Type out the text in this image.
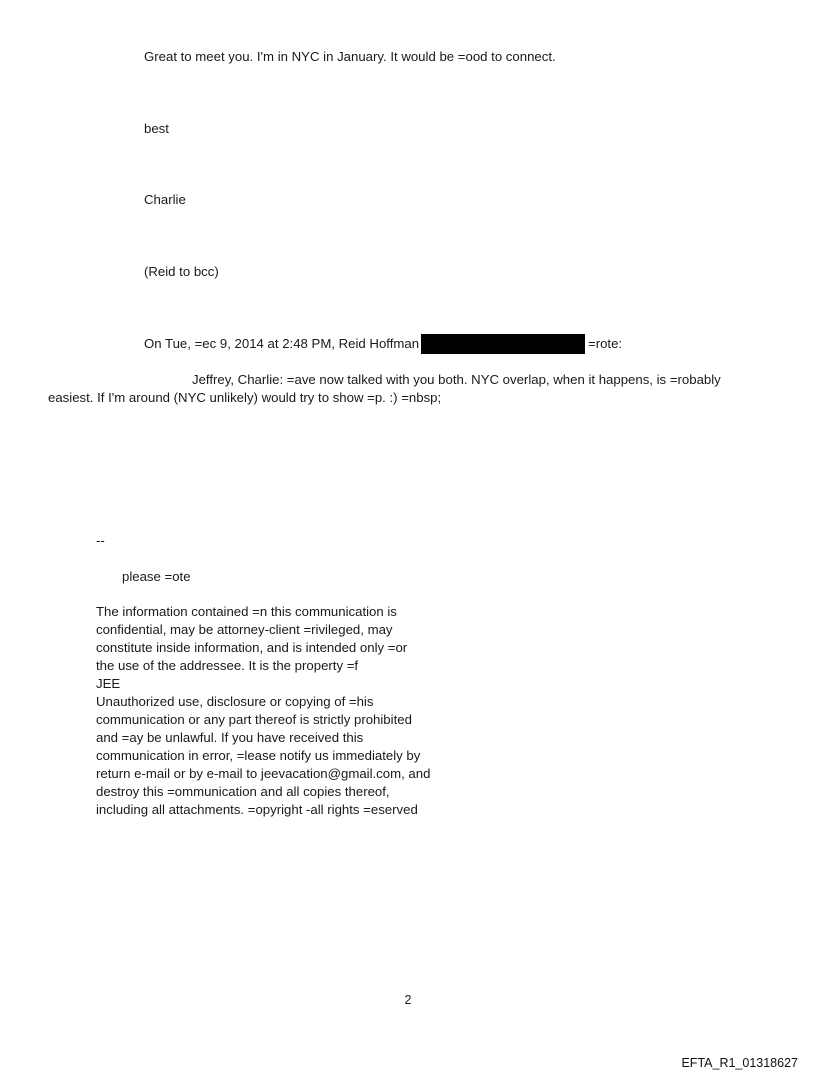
Great to meet you. I'm in NYC in January. It would be =ood to connect.
best
Charlie
(Reid to bcc)
On Tue, =ec 9, 2014 at 2:48 PM, Reid Hoffman	=rote:
Jeffrey, Charlie: =ave now talked with you both. NYC overlap, when it happens, is =robably
easiest. If I'm around (NYC unlikely) would try to show =p. :) =nbsp;
--
please =ote
The information contained =n this communication is
confidential, may be attorney-client =rivileged, may
constitute inside information, and is intended only =or
the use of the addressee. It is the property =f
JEE
Unauthorized use, disclosure or copying of =his
communication or any part thereof is strictly prohibited
and =ay be unlawful. If you have received this
communication in error, =lease notify us immediately by
return e-mail or by e-mail to jeevacation@gmail.com, and
destroy this =ommunication and all copies thereof,
including all attachments. =opyright -all rights =eserved
2
EFTA_R1_01318627
